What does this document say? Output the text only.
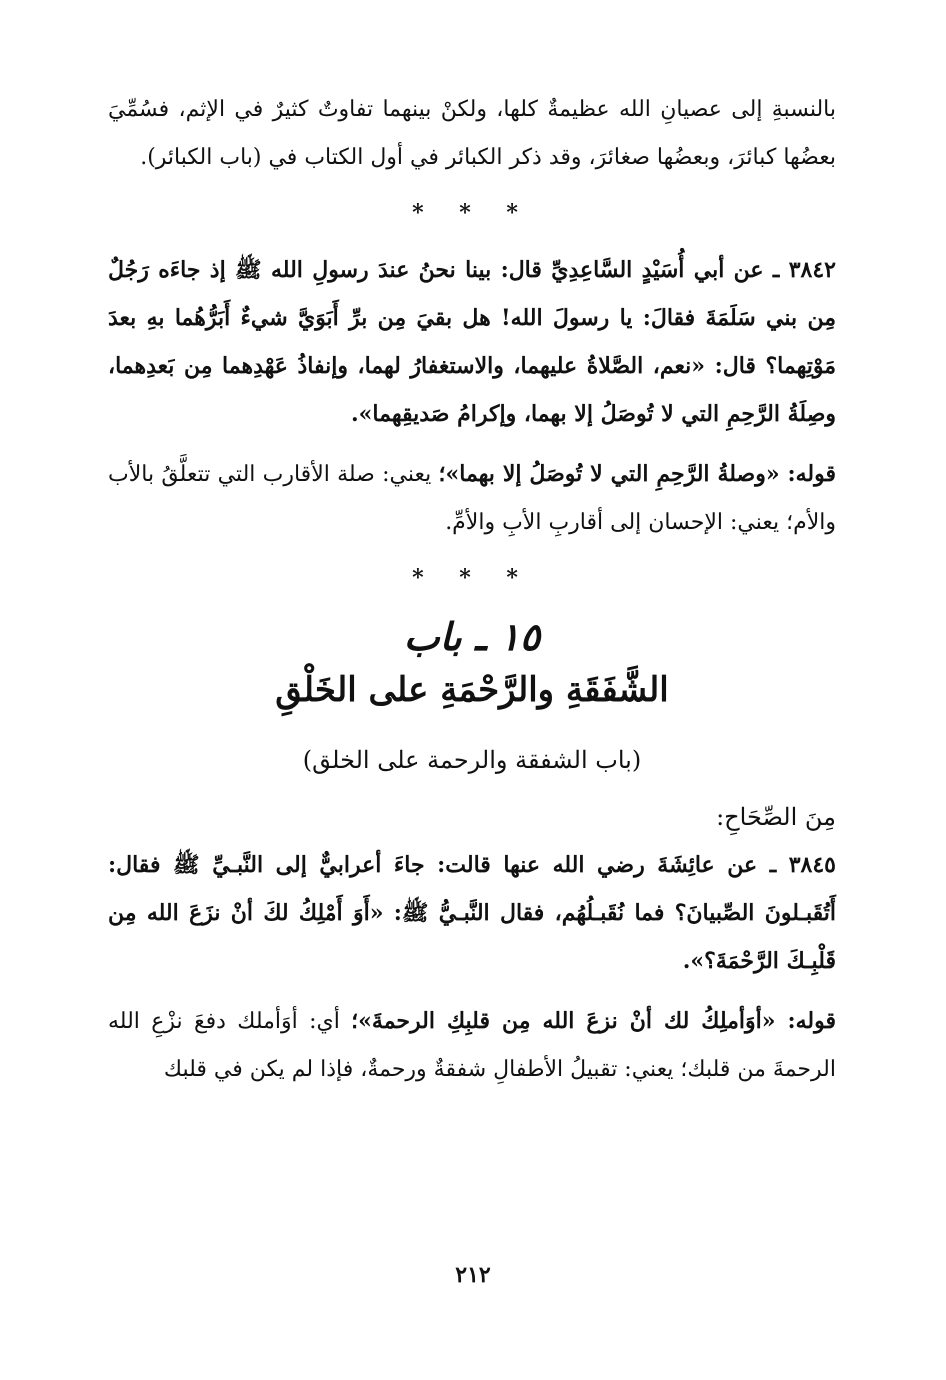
بالنسبةِ إلى عصيانِ الله عظيمةٌ كلها، ولكنْ بينهما تفاوتٌ كثيرٌ في الإثم، فسُمِّيَ بعضُها كبائرَ، وبعضُها صغائرَ، وقد ذكر الكبائر في أول الكتاب في (باب الكبائر).

* * *

٣٨٤٢ ـ عن أبي أُسَيْدٍ السَّاعِدِيِّ قال: بينا نحنُ عندَ رسولِ الله ﷺ إذ جاءَه رَجُلٌ مِن بني سَلَمَةَ فقالَ: يا رسولَ الله! هل بقيَ مِن برِّ أَبَوَيَّ شيءٌ أَبَرُّهُما بهِ بعدَ مَوْتِهما؟ قال: «نعم، الصَّلاةُ عليهما، والاستغفارُ لهما، وإنفاذُ عَهْدِهما مِن بَعدِهما، وصِلَةُ الرَّحِمِ التي لا تُوصَلُ إلا بهما، وإكرامُ صَديقِهما».

قوله: «وصلةُ الرَّحِمِ التي لا تُوصَلُ إلا بهما»؛ يعني: صلة الأقارب التي تتعلَّقُ بالأب والأم؛ يعني: الإحسان إلى أقاربِ الأبِ والأمِّ.

* * *
١٥ ـ باب
الشَّفَقَةِ والرَّحْمَةِ على الخَلْقِ
(باب الشفقة والرحمة على الخلق)
مِنَ الصِّحَاحِ:

٣٨٤٥ ـ عن عائِشَةَ رضي الله عنها قالت: جاءَ أعرابيٌّ إلى النَّبـيِّ ﷺ فقال: أَتُقَبـلونَ الصِّبيانَ؟ فما نُقَبـلُهُم، فقال النَّبـيُّ ﷺ: «أَوَ أَمْلِكُ لكَ أنْ نزَعَ الله مِن قَلْبِـكَ الرَّحْمَةَ؟».

قوله: «أوَأملِكُ لك أنْ نزعَ الله مِن قلبِكِ الرحمةَ»؛ أي: أوَأملك دفعَ نزْعِ الله الرحمةَ من قلبك؛ يعني: تقبيلُ الأطفالِ شفقةٌ ورحمةٌ، فإذا لم يكن في قلبك

٢١٢
